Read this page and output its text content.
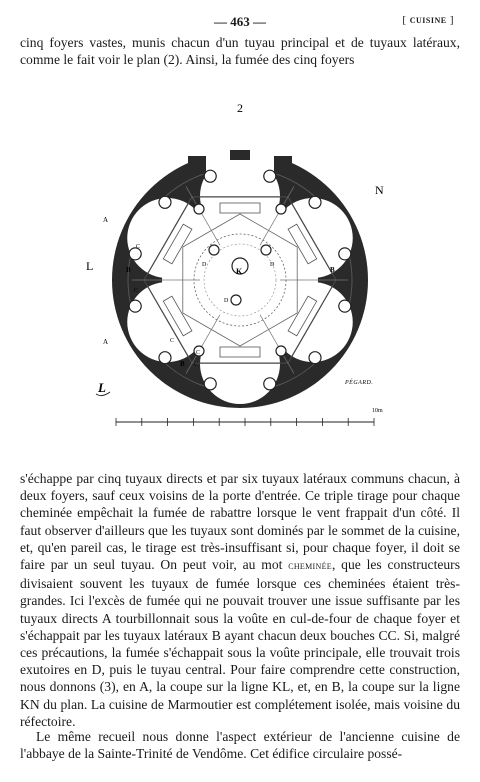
— 463 —	[ cuisine ]

cinq foyers vastes, munis chacun d'un tuyau principal et de tuyaux latéraux, comme le fait voir le plan (2). Ainsi, la fumée des cinq foyers

2
N
L	K
A
A
B
B
B
D	D
D
C
C
C
C
C
L	PÉGARD.
10m

s'échappe par cinq tuyaux directs et par six tuyaux latéraux communs chacun, à deux foyers, sauf ceux voisins de la porte d'entrée. Ce triple tirage pour chaque cheminée empêchait la fumée de rabattre lorsque le vent frappait d'un côté. Il faut observer d'ailleurs que les tuyaux sont dominés par le sommet de la cuisine, et, qu'en pareil cas, le tirage est très-insuffisant si, pour chaque foyer, il doit se faire par un seul tuyau. On peut voir, au mot cheminée, que les constructeurs divisaient souvent les tuyaux de fumée lorsque ces cheminées étaient très-grandes. Ici l'excès de fumée qui ne pouvait trouver une issue suffisante par les tuyaux directs A tourbillonnait sous la voûte en cul-de-four de chaque foyer et s'échappait par les tuyaux latéraux B ayant chacun deux bouches CC. Si, malgré ces précautions, la fumée s'échappait sous la voûte principale, elle trouvait trois exutoires en D, puis le tuyau central. Pour faire comprendre cette construction, nous donnons (3), en A, la coupe sur la ligne KL, et, en B, la coupe sur la ligne KN du plan. La cuisine de Marmoutier est complétement isolée, mais voisine du réfectoire.

Le même recueil nous donne l'aspect extérieur de l'ancienne cuisine de l'abbaye de la Sainte-Trinité de Vendôme. Cet édifice circulaire possé-
